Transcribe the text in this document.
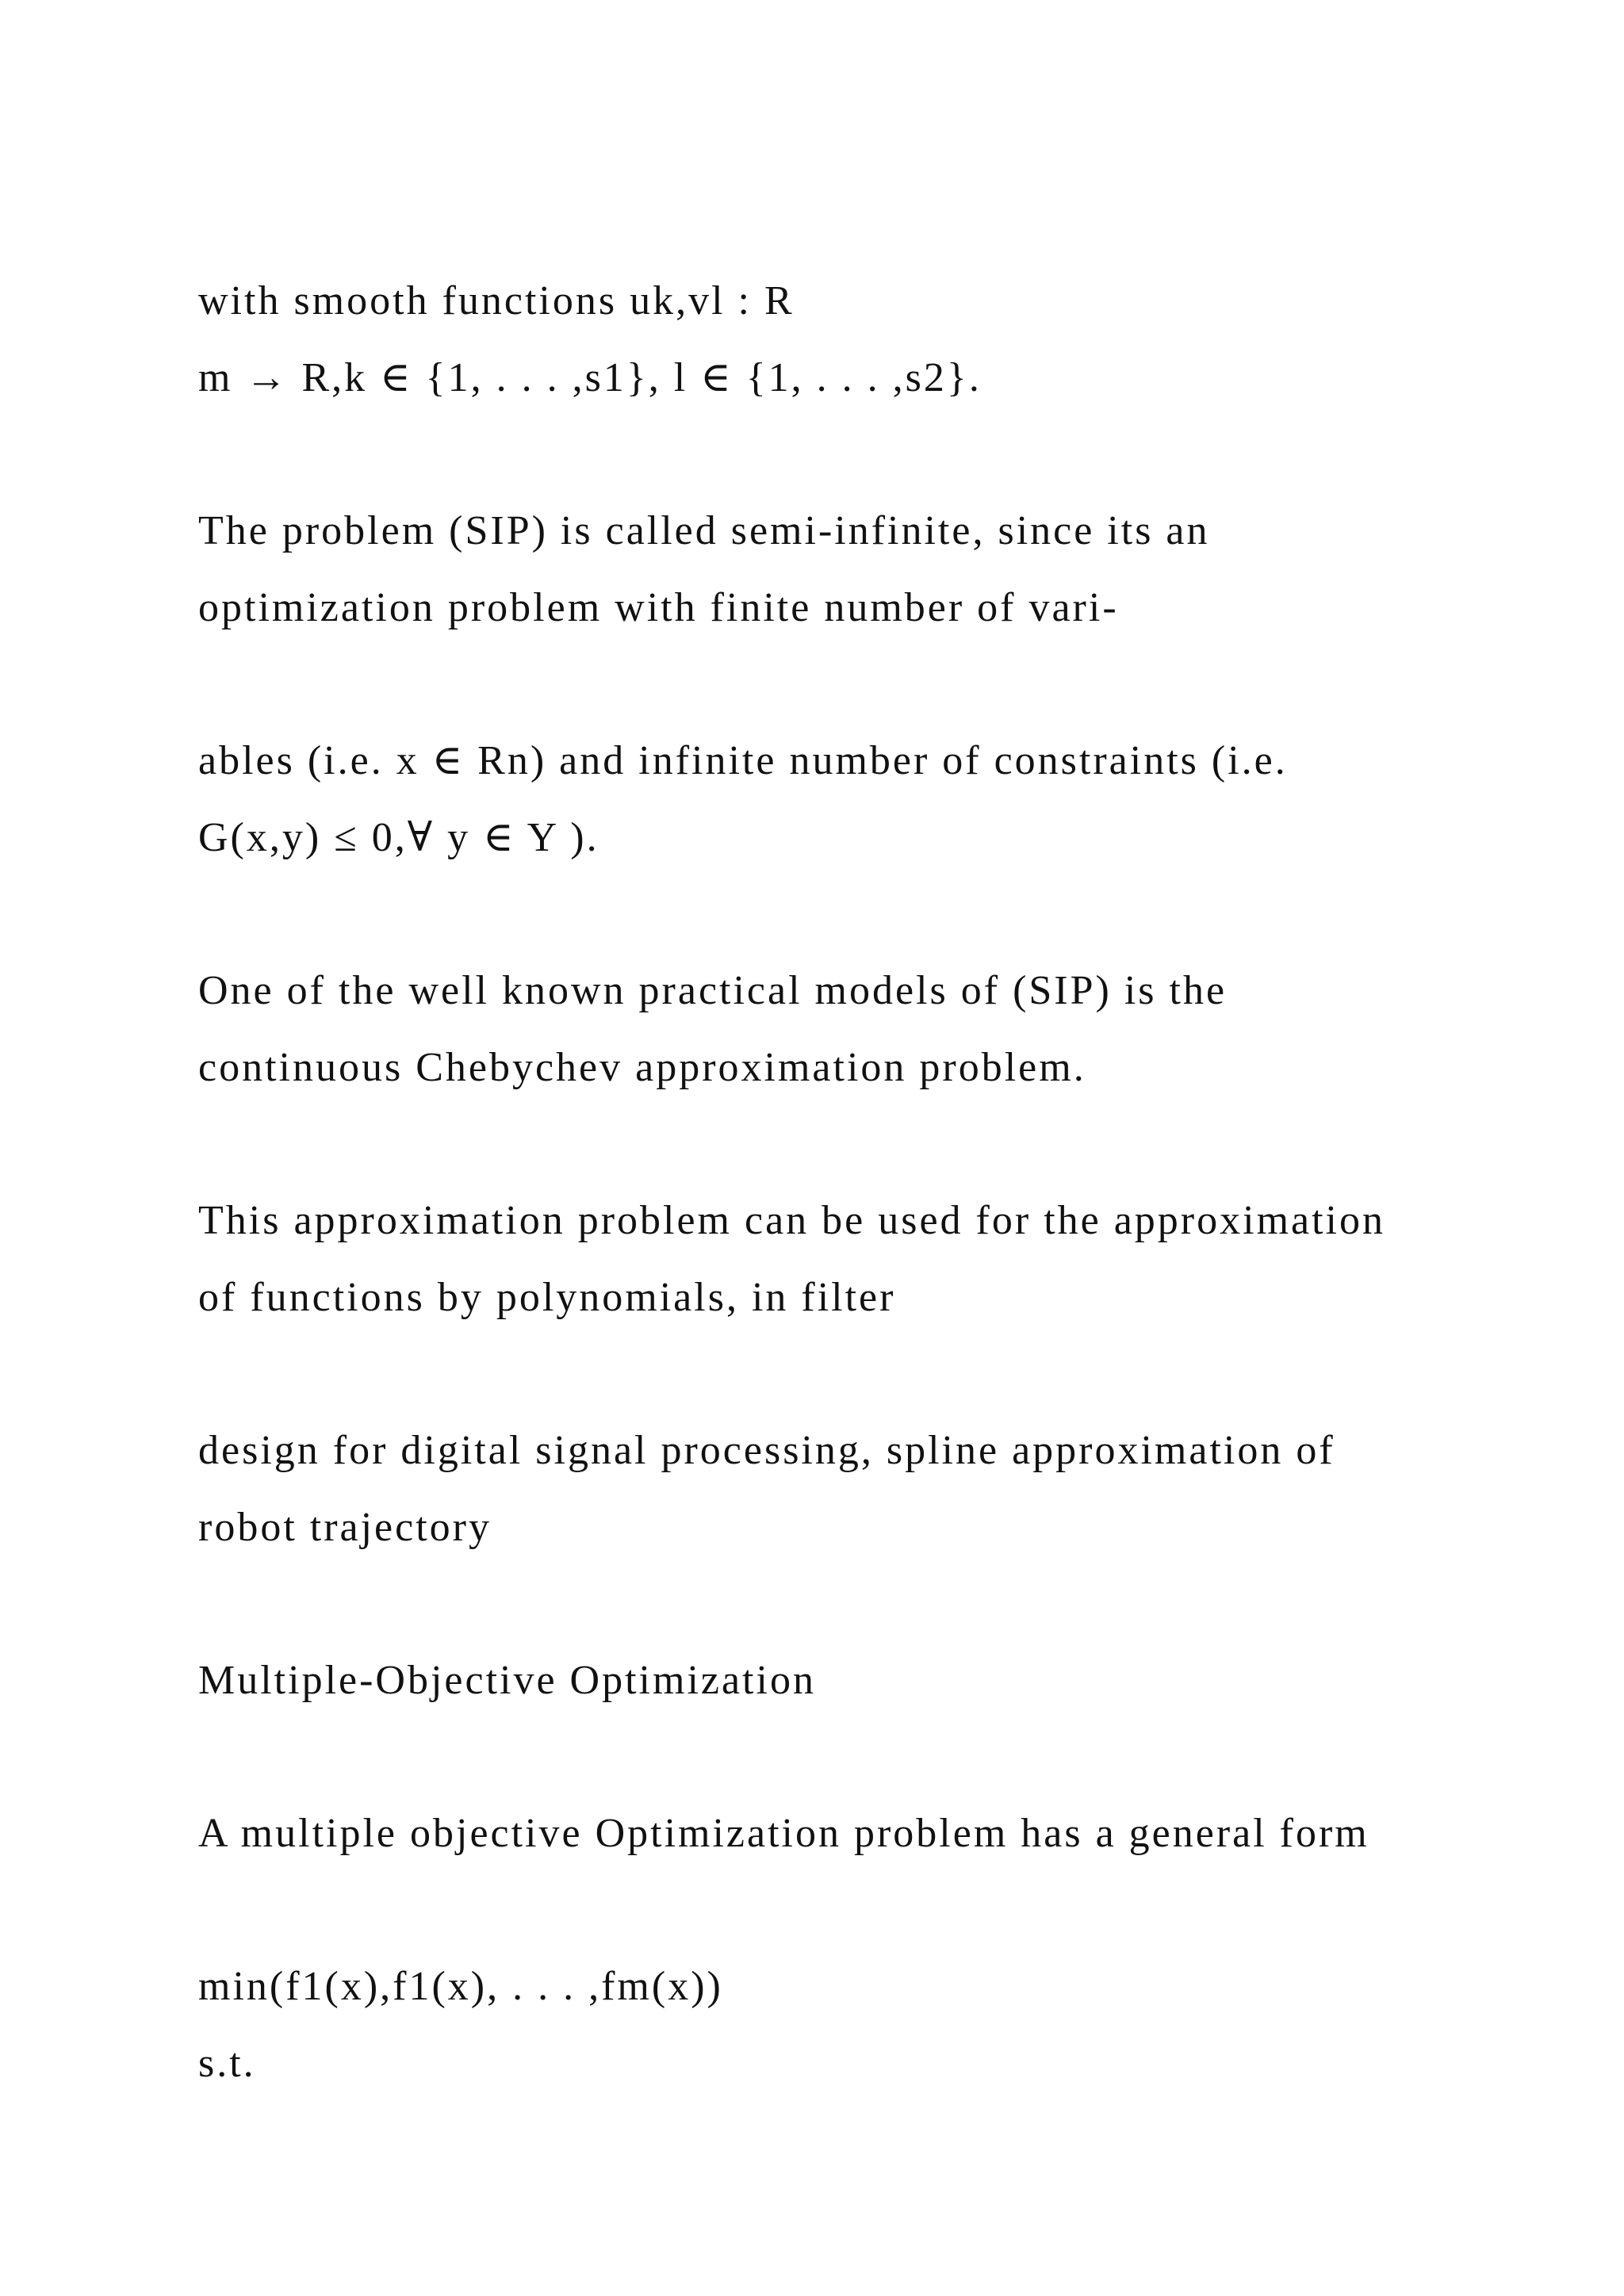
with smooth functions uk,vl : R
m → R,k ∈ {1, . . . ,s1}, l ∈ {1, . . . ,s2}.
The problem (SIP) is called semi-infinite, since its an
optimization problem with finite number of vari-
ables (i.e. x ∈ Rn) and infinite number of constraints (i.e.
G(x,y) ≤ 0,∀ y ∈ Y ).
One of the well known practical models of (SIP) is the
continuous Chebychev approximation problem.
This approximation problem can be used for the approximation
of functions by polynomials, in filter
design for digital signal processing, spline approximation of
robot trajectory
Multiple-Objective Optimization
A multiple objective Optimization problem has a general form
min(f1(x),f1(x), . . . ,fm(x))
s.t.
